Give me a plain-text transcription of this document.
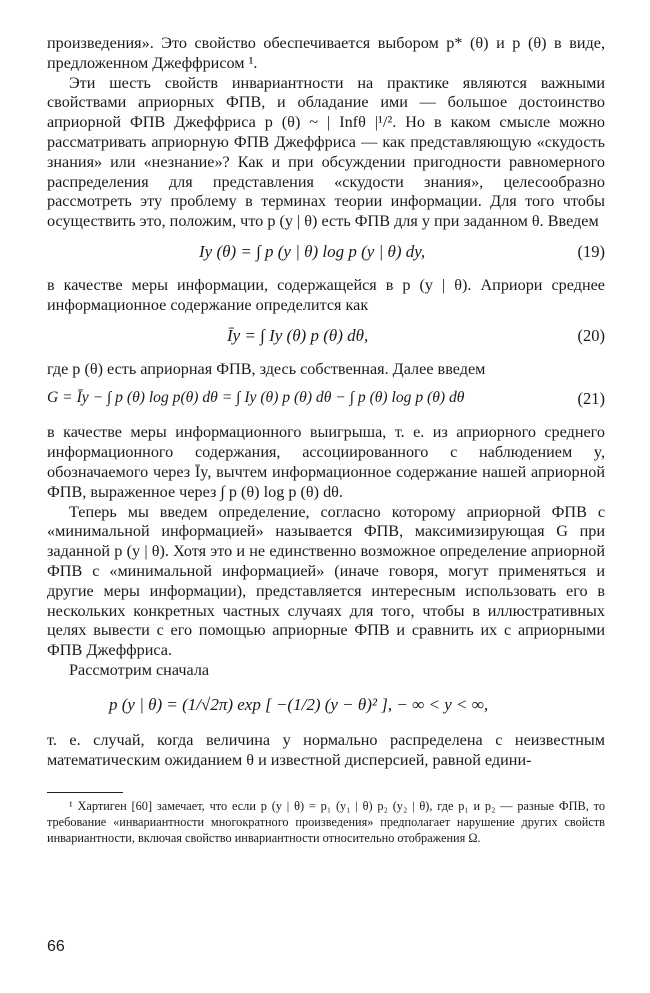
произведения». Это свойство обеспечивается выбором p* (θ) и p (θ) в виде, предложенном Джеффрисом ¹.

Эти шесть свойств инвариантности на практике являются важными свойствами априорных ФПВ, и обладание ими — большое достоинство априорной ФПВ Джеффриса p (θ) ~ | Infθ |¹/². Но в каком смысле можно рассматривать априорную ФПВ Джеффриса — как представляющую «скудость знания» или «незнание»? Как и при обсуждении пригодности равномерного распределения для представления «скудости знания», целесообразно рассмотреть эту проблему в терминах теории информации. Для того чтобы осуществить это, положим, что p (y | θ) есть ФПВ для y при заданном θ. Введем

Iy (θ) = ∫ p (y | θ) log p (y | θ) dy,	(19)

в качестве меры информации, содержащейся в p (y | θ). Априори среднее информационное содержание определится как

Īy = ∫ Iy (θ) p (θ) dθ,	(20)

где p (θ) есть априорная ФПВ, здесь собственная. Далее введем

G = Īy − ∫ p (θ) log p(θ) dθ = ∫ Iy (θ) p (θ) dθ − ∫ p (θ) log p (θ) dθ	(21)

в качестве меры информационного выигрыша, т. е. из априорного среднего информационного содержания, ассоциированного с наблюдением y, обозначаемого через Īy, вычтем информационное содержание нашей априорной ФПВ, выраженное через ∫ p (θ) log p (θ) dθ.

Теперь мы введем определение, согласно которому априорной ФПВ с «минимальной информацией» называется ФПВ, максимизирующая G при заданной p (y | θ). Хотя это и не единственно возможное определение априорной ФПВ с «минимальной информацией» (иначе говоря, могут применяться и другие меры информации), представляется интересным использовать его в нескольких конкретных частных случаях для того, чтобы в иллюстративных целях вывести с его помощью априорные ФПВ и сравнить их с априорными ФПВ Джеффриса.

Рассмотрим сначала

p (y | θ) = (1/√2π) exp [ −(1/2) (y − θ)² ], − ∞ < y < ∞,

т. е. случай, когда величина y нормально распределена с неизвестным математическим ожиданием θ и известной дисперсией, равной едини-

¹ Хартиген [60] замечает, что если p (y | θ) = p₁ (y₁ | θ) p₂ (y₂ | θ), где p₁ и p₂ — разные ФПВ, то требование «инвариантности многократного произведения» предполагает нарушение других свойств инвариантности, включая свойство инвариантности относительно отображения Ω.

66
